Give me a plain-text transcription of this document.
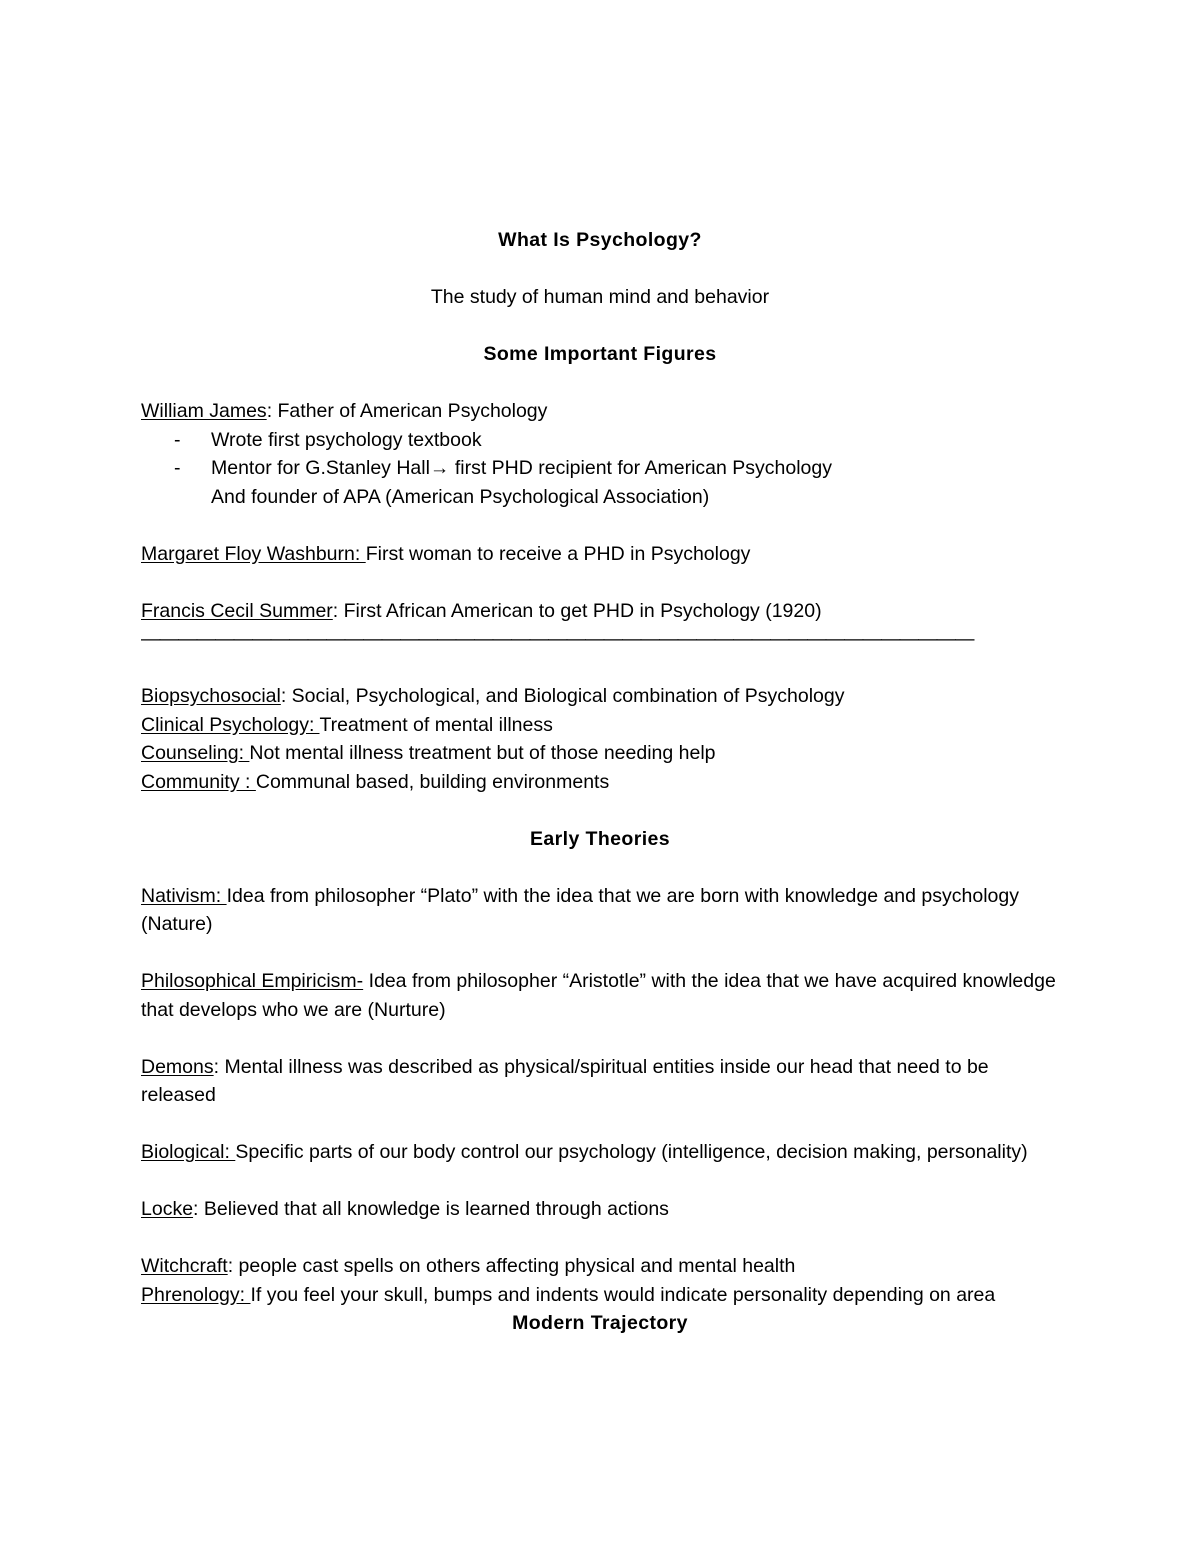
What Is Psychology?
The study of human mind and behavior
Some Important Figures
William James: Father of American Psychology
- Wrote first psychology textbook
- Mentor for G.Stanley Hall→ first PHD recipient for American Psychology
And founder of APA (American Psychological Association)
Margaret Floy Washburn: First woman to receive a PHD in Psychology
Francis Cecil Summer: First African American to get PHD in Psychology (1920)
—————————————————————————————————————————————
Biopsychosocial: Social, Psychological, and Biological combination of Psychology
Clinical Psychology: Treatment of mental illness
Counseling: Not mental illness treatment but of those needing help
Community : Communal based, building environments
Early Theories
Nativism: Idea from philosopher “Plato” with the idea that we are born with knowledge and psychology (Nature)
Philosophical Empiricism- Idea from philosopher “Aristotle” with the idea that we have acquired knowledge that develops who we are (Nurture)
Demons: Mental illness was described as physical/spiritual entities inside our head that need to be released
Biological: Specific parts of our body control our psychology (intelligence, decision making, personality)
Locke: Believed that all knowledge is learned through actions
Witchcraft: people cast spells on others affecting physical and mental health
Phrenology: If you feel your skull, bumps and indents would indicate personality depending on area
Modern Trajectory
